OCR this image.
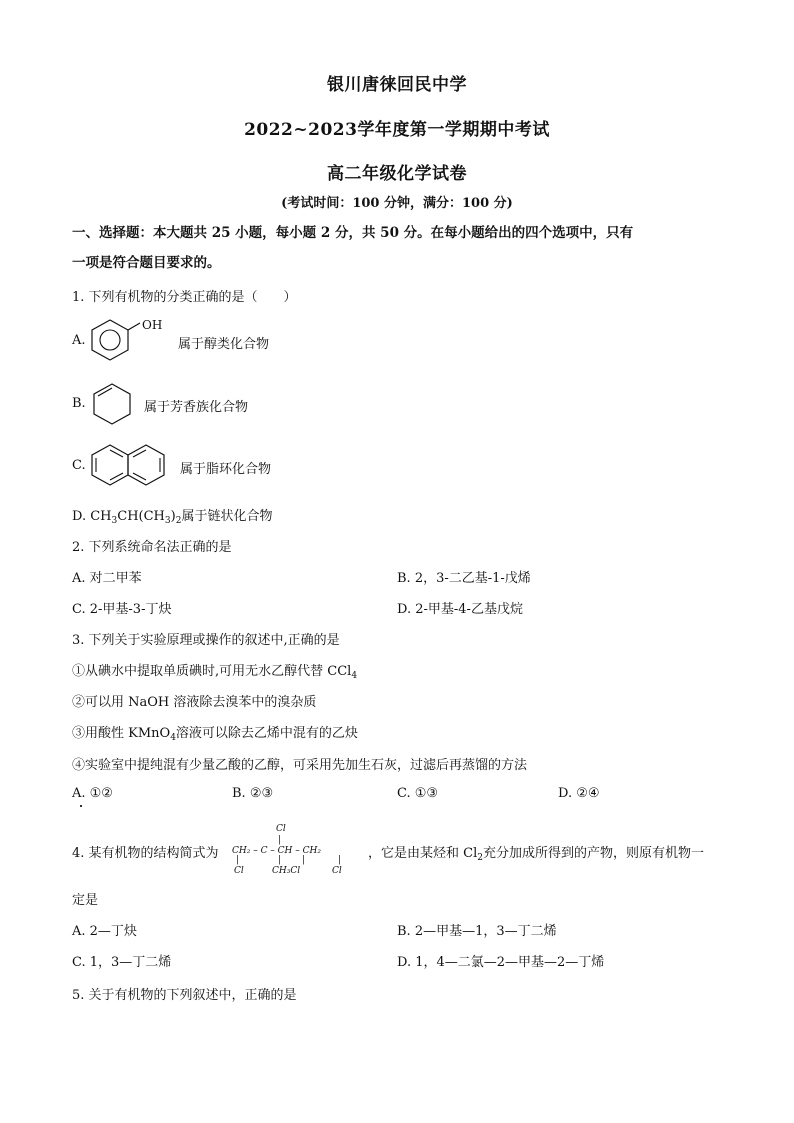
银川唐徕回民中学
2022~2023学年度第一学期期中考试
高二年级化学试卷
(考试时间：100 分钟，满分：100 分)
一、选择题：本大题共 25 小题，每小题 2 分，共 50 分。在每小题给出的四个选项中，只有
一项是符合题目要求的。
1. 下列有机物的分类正确的是（　　）
A.
OH
属于醇类化合物
B.	属于芳香族化合物
C.	属于脂环化合物
D. $CH_3CH(CH_3)_2$属于链状化合物
2. 下列系统命名法正确的是
A. 对二甲苯	B. 2，3-二乙基-1-戊烯
C. 2-甲基-3-丁炔	D. 2-甲基-4-乙基戊烷
3. 下列关于实验原理或操作的叙述中,正确的是
①从碘水中提取单质碘时,可用无水乙醇代替 CCl$_4$
②可以用 NaOH 溶液除去溴苯中的溴杂质
③用酸性 KMnO$_4$溶液可以除去乙烯中混有的乙炔
④实验室中提纯混有少量乙酸的乙醇，可采用先加生石灰，过滤后再蒸馏的方法
A. ①②	B. ②③	C. ①③	D. ②④
4. 某有机物的结构简式为
Cl
|
CH₂ – C – CH – CH₂
|	| |	|
Cl	CH₃Cl	Cl
，它是由某烃和 $Cl_2$充分加成所得到的产物，则原有机物一
定是
A. 2—丁炔	B. 2—甲基—1，3—丁二烯
C. 1，3—丁二烯	D. 1，4—二氯—2—甲基—2—丁烯
5. 关于有机物的下列叙述中，正确的是
